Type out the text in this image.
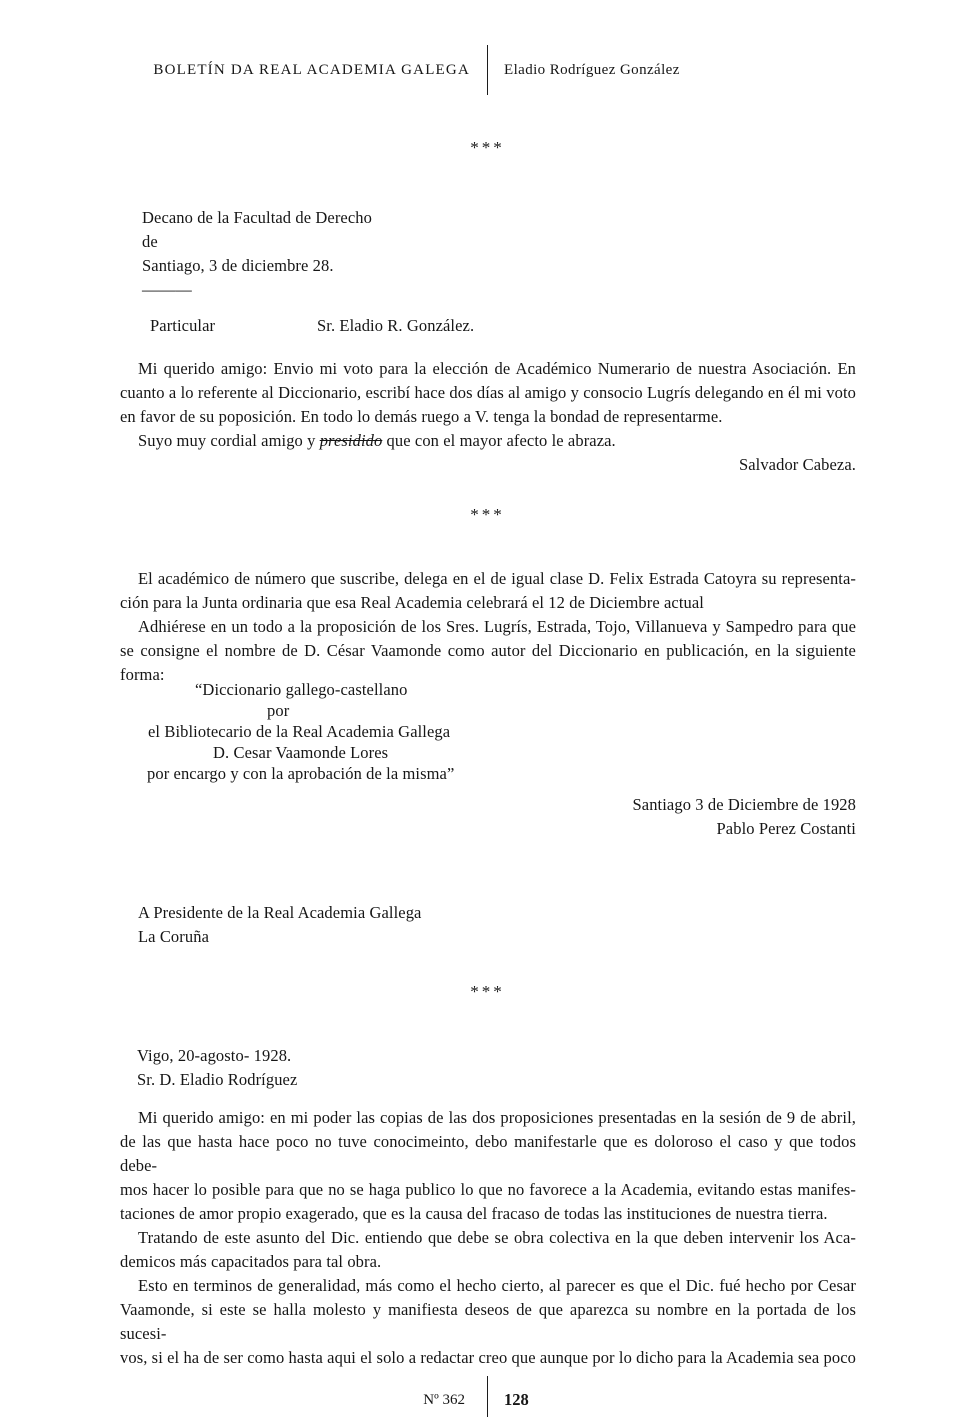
BOLETÍN DA REAL ACADEMIA GALEGA	Eladio Rodríguez González
***
Decano de la Facultad de Derecho
de
Santiago, 3 de diciembre 28.
———
Particular	Sr. Eladio R. González.
Mi querido amigo: Envio mi voto para la elección de Académico Numerario de nuestra Asociación. En
cuanto a lo referente al Diccionario, escribí hace dos días al amigo y consocio Lugrís delegando en él mi voto
en favor de su poposición. En todo lo demás ruego a V. tenga la bondad de representarme.
Suyo muy cordial amigo y presidido que con el mayor afecto le abraza.
Salvador Cabeza.
***
El académico de número que suscribe, delega en el de igual clase D. Felix Estrada Catoyra su representa-
ción para la Junta ordinaria que esa Real Academia celebrará el 12 de Diciembre actual
Adhiérese en un todo a la proposición de los Sres. Lugrís, Estrada, Tojo, Villanueva y Sampedro para que
se consigne el nombre de D. César Vaamonde como autor del Diccionario en publicación, en la siguiente
forma:
“Diccionario gallego-castellano
por
el Bibliotecario de la Real Academia Gallega
D. Cesar Vaamonde Lores
por encargo y con la aprobación de la misma”
Santiago 3 de Diciembre de 1928
Pablo Perez Costanti
A Presidente de la Real Academia Gallega
La Coruña
***
Vigo, 20-agosto- 1928.
Sr. D. Eladio Rodríguez
Mi querido amigo: en mi poder las copias de las dos proposiciones presentadas en la sesión de 9 de abril,
de las que hasta hace poco no tuve conocimeinto, debo manifestarle que es doloroso el caso y que todos debe-
mos hacer lo posible para que no se haga publico lo que no favorece a la Academia, evitando estas manifes-
taciones de amor propio exagerado, que es la causa del fracaso de todas las instituciones de nuestra tierra.
Tratando de este asunto del Dic. entiendo que debe se obra colectiva en la que deben intervenir los Aca-
demicos más capacitados para tal obra.
Esto en terminos de generalidad, más como el hecho cierto, al parecer es que el Dic. fué hecho por Cesar
Vaamonde, si este se halla molesto y manifiesta deseos de que aparezca su nombre en la portada de los sucesi-
vos, si el ha de ser como hasta aqui el solo a redactar creo que aunque por lo dicho para la Academia sea poco
Nº 362	128
